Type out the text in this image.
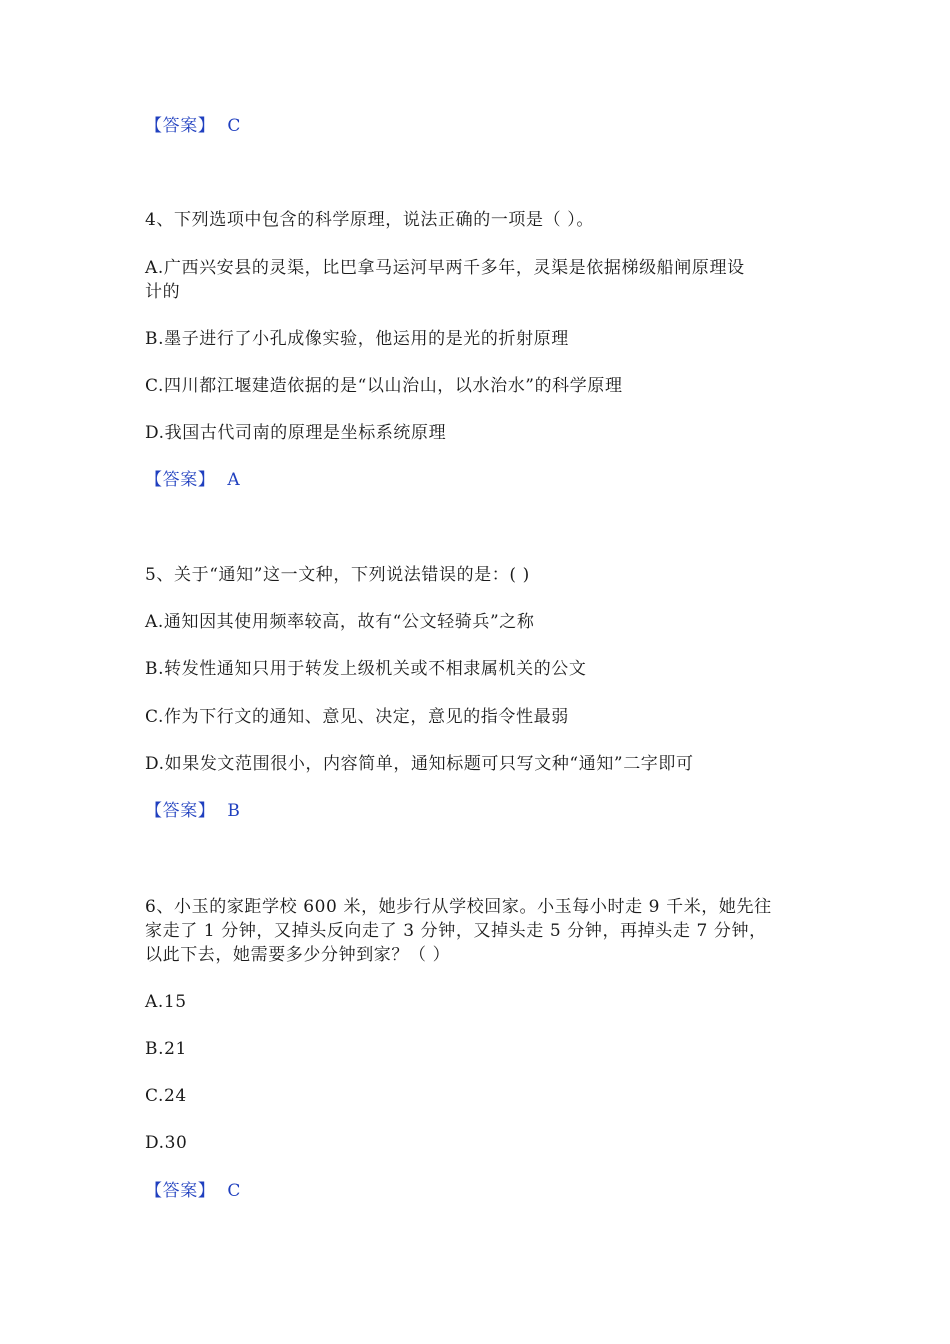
【答案】 C
4、下列选项中包含的科学原理，说法正确的一项是（ ）。
A.广西兴安县的灵渠，比巴拿马运河早两千多年，灵渠是依据梯级船闸原理设
计的
B.墨子进行了小孔成像实验，他运用的是光的折射原理
C.四川都江堰建造依据的是“以山治山，以水治水”的科学原理
D.我国古代司南的原理是坐标系统原理
【答案】 A
5、关于“通知”这一文种，下列说法错误的是：( )
A.通知因其使用频率较高，故有“公文轻骑兵”之称
B.转发性通知只用于转发上级机关或不相隶属机关的公文
C.作为下行文的通知、意见、决定，意见的指令性最弱
D.如果发文范围很小，内容简单，通知标题可只写文种“通知”二字即可
【答案】 B
6、小玉的家距学校 600 米，她步行从学校回家。小玉每小时走 9 千米，她先往
家走了 1 分钟，又掉头反向走了 3 分钟，又掉头走 5 分钟，再掉头走 7 分钟，
以此下去，她需要多少分钟到家？（ ）
A.15
B.21
C.24
D.30
【答案】 C
